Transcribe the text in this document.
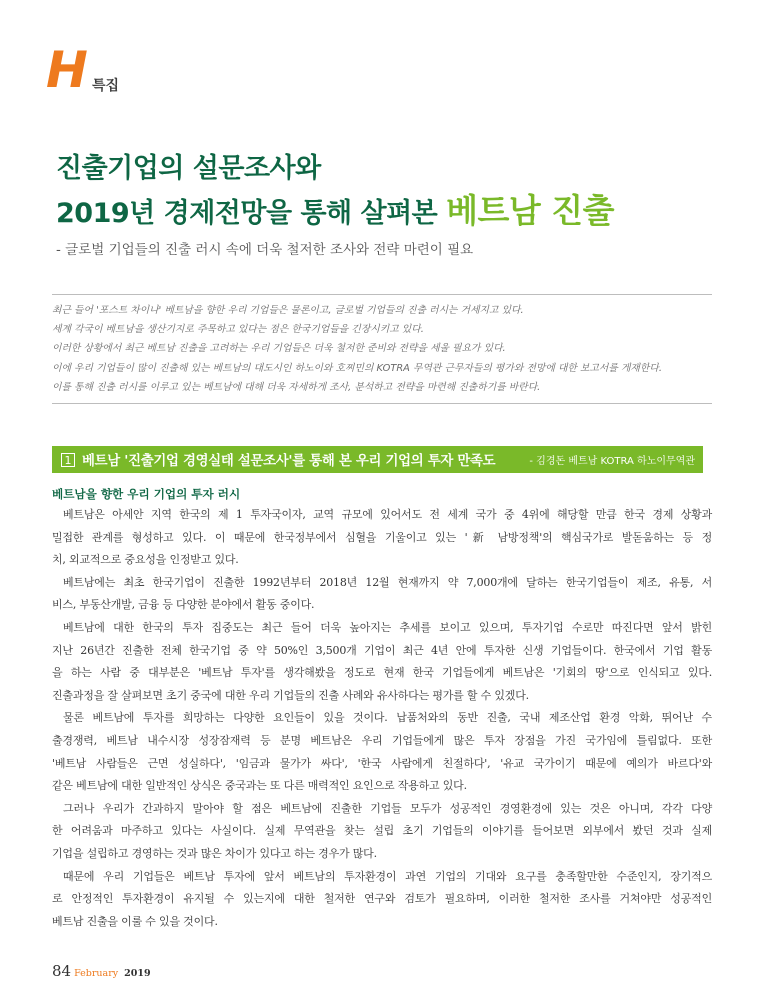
H 특집
진출기업의 설문조사와
2019년 경제전망을 통해 살펴본 베트남 진출
- 글로벌 기업들의 진출 러시 속에 더욱 철저한 조사와 전략 마련이 필요

최근 들어 '포스트 차이나' 베트남을 향한 우리 기업들은 물론이고, 글로벌 기업들의 진출 러시는 거세지고 있다.

세계 각국이 베트남을 생산기지로 주목하고 있다는 점은 한국기업들을 긴장시키고 있다.

이러한 상황에서 최근 베트남 진출을 고려하는 우리 기업들은 더욱 철저한 준비와 전략을 세울 필요가 있다.

이에 우리 기업들이 많이 진출해 있는 베트남의 대도시인 하노이와 호찌민의 KOTRA 무역관 근무자들의 평가와 전망에 대한 보고서를 게재한다.

이를 통해 진출 러시를 이루고 있는 베트남에 대해 더욱 자세하게 조사, 분석하고 전략을 마련해 진출하기를 바란다.

1 베트남 '진출기업 경영실태 설문조사'를 통해 본 우리 기업의 투자 만족도	- 김경돈 베트남 KOTRA 하노이무역관
베트남을 향한 우리 기업의 투자 러시
베트남은 아세안 지역 한국의 제 1 투자국이자, 교역 규모에 있어서도 전 세계 국가 중 4위에 해당할 만큼 한국 경제 상황과
밀접한 관계를 형성하고 있다. 이 때문에 한국정부에서 심혈을 기울이고 있는 '新 남방정책'의 핵심국가로 발돋움하는 등 정
치, 외교적으로 중요성을 인정받고 있다.
베트남에는 최초 한국기업이 진출한 1992년부터 2018년 12월 현재까지 약 7,000개에 달하는 한국기업들이 제조, 유통, 서
비스, 부동산개발, 금융 등 다양한 분야에서 활동 중이다.
베트남에 대한 한국의 투자 집중도는 최근 들어 더욱 높아지는 추세를 보이고 있으며, 투자기업 수로만 따진다면 앞서 밝힌
지난 26년간 진출한 전체 한국기업 중 약 50%인 3,500개 기업이 최근 4년 안에 투자한 신생 기업들이다. 한국에서 기업 활동
을 하는 사람 중 대부분은 '베트남 투자'를 생각해봤을 정도로 현재 한국 기업들에게 베트남은 '기회의 땅'으로 인식되고 있다.
진출과정을 잘 살펴보면 초기 중국에 대한 우리 기업들의 진출 사례와 유사하다는 평가를 할 수 있겠다.
물론 베트남에 투자를 희망하는 다양한 요인들이 있을 것이다. 납품처와의 동반 진출, 국내 제조산업 환경 악화, 뛰어난 수
출경쟁력, 베트남 내수시장 성장잠재력 등 분명 베트남은 우리 기업들에게 많은 투자 장점을 가진 국가임에 틀림없다. 또한
'베트남 사람들은 근면 성실하다', '임금과 물가가 싸다', '한국 사람에게 친절하다', '유교 국가이기 때문에 예의가 바르다'와
같은 베트남에 대한 일반적인 상식은 중국과는 또 다른 매력적인 요인으로 작용하고 있다.
그러나 우리가 간과하지 말아야 할 점은 베트남에 진출한 기업들 모두가 성공적인 경영환경에 있는 것은 아니며, 각각 다양
한 어려움과 마주하고 있다는 사실이다. 실제 무역관을 찾는 설립 초기 기업들의 이야기를 들어보면 외부에서 봤던 것과 실제
기업을 설립하고 경영하는 것과 많은 차이가 있다고 하는 경우가 많다.
때문에 우리 기업들은 베트남 투자에 앞서 베트남의 투자환경이 과연 기업의 기대와 요구를 충족할만한 수준인지, 장기적으
로 안정적인 투자환경이 유지될 수 있는지에 대한 철저한 연구와 검토가 필요하며, 이러한 철저한 조사를 거쳐야만 성공적인
베트남 진출을 이룰 수 있을 것이다.
84 February 2019
